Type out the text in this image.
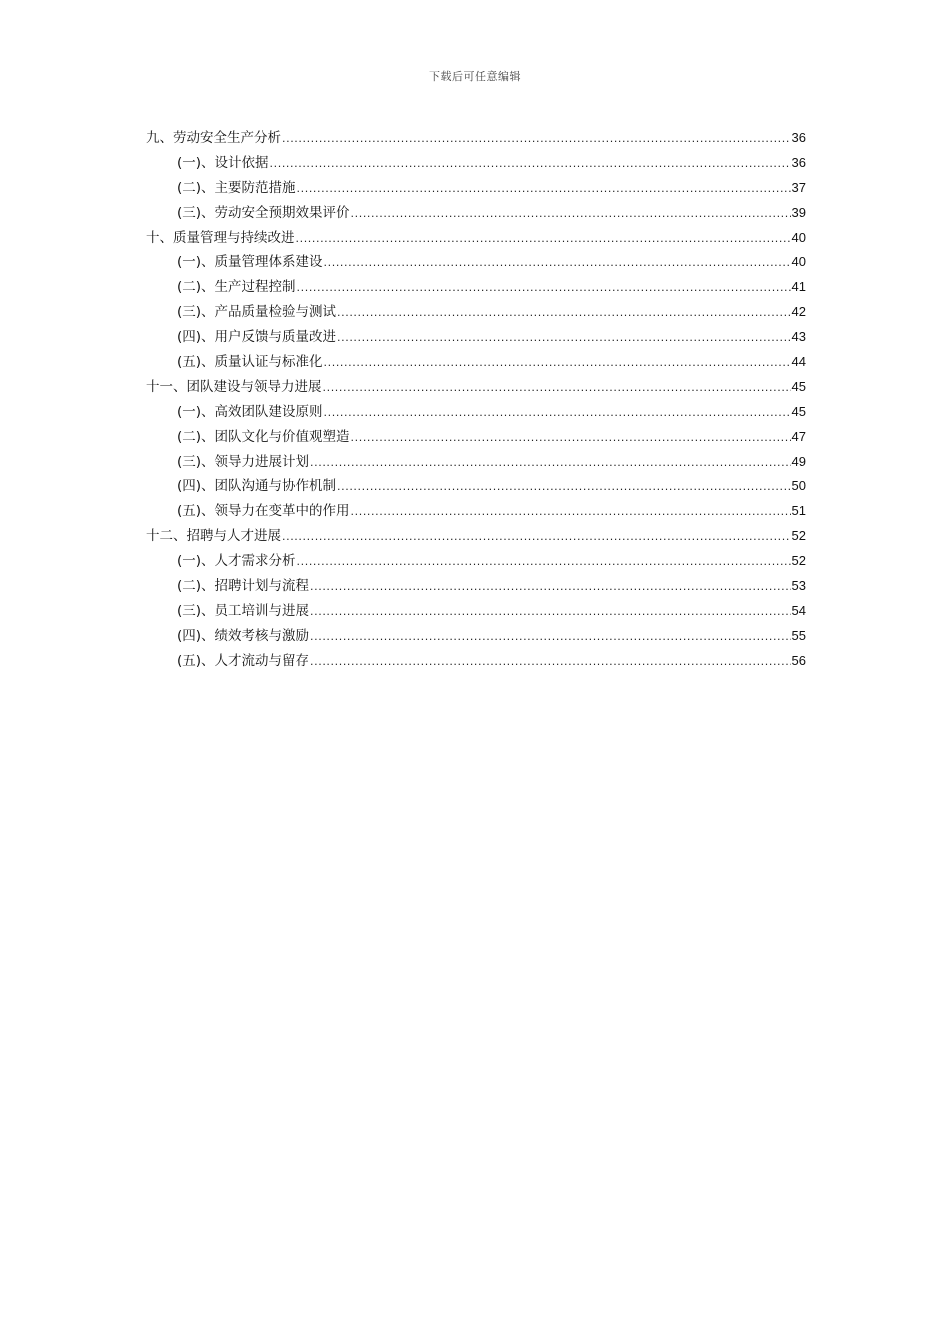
下载后可任意编辑
九、劳动安全生产分析 .....	36
(一)、设计依据 .....	36
(二)、主要防范措施 .....	37
(三)、劳动安全预期效果评价 .....	39
十、质量管理与持续改进 .....	40
(一)、质量管理体系建设 .....	40
(二)、生产过程控制 .....	41
(三)、产品质量检验与测试 .....	42
(四)、用户反馈与质量改进 .....	43
(五)、质量认证与标准化 .....	44
十一、团队建设与领导力进展 .....	45
(一)、高效团队建设原则 .....	45
(二)、团队文化与价值观塑造 .....	47
(三)、领导力进展计划 .....	49
(四)、团队沟通与协作机制 .....	50
(五)、领导力在变革中的作用 .....	51
十二、招聘与人才进展 .....	52
(一)、人才需求分析 .....	52
(二)、招聘计划与流程 .....	53
(三)、员工培训与进展 .....	54
(四)、绩效考核与激励 .....	55
(五)、人才流动与留存 .....	56
